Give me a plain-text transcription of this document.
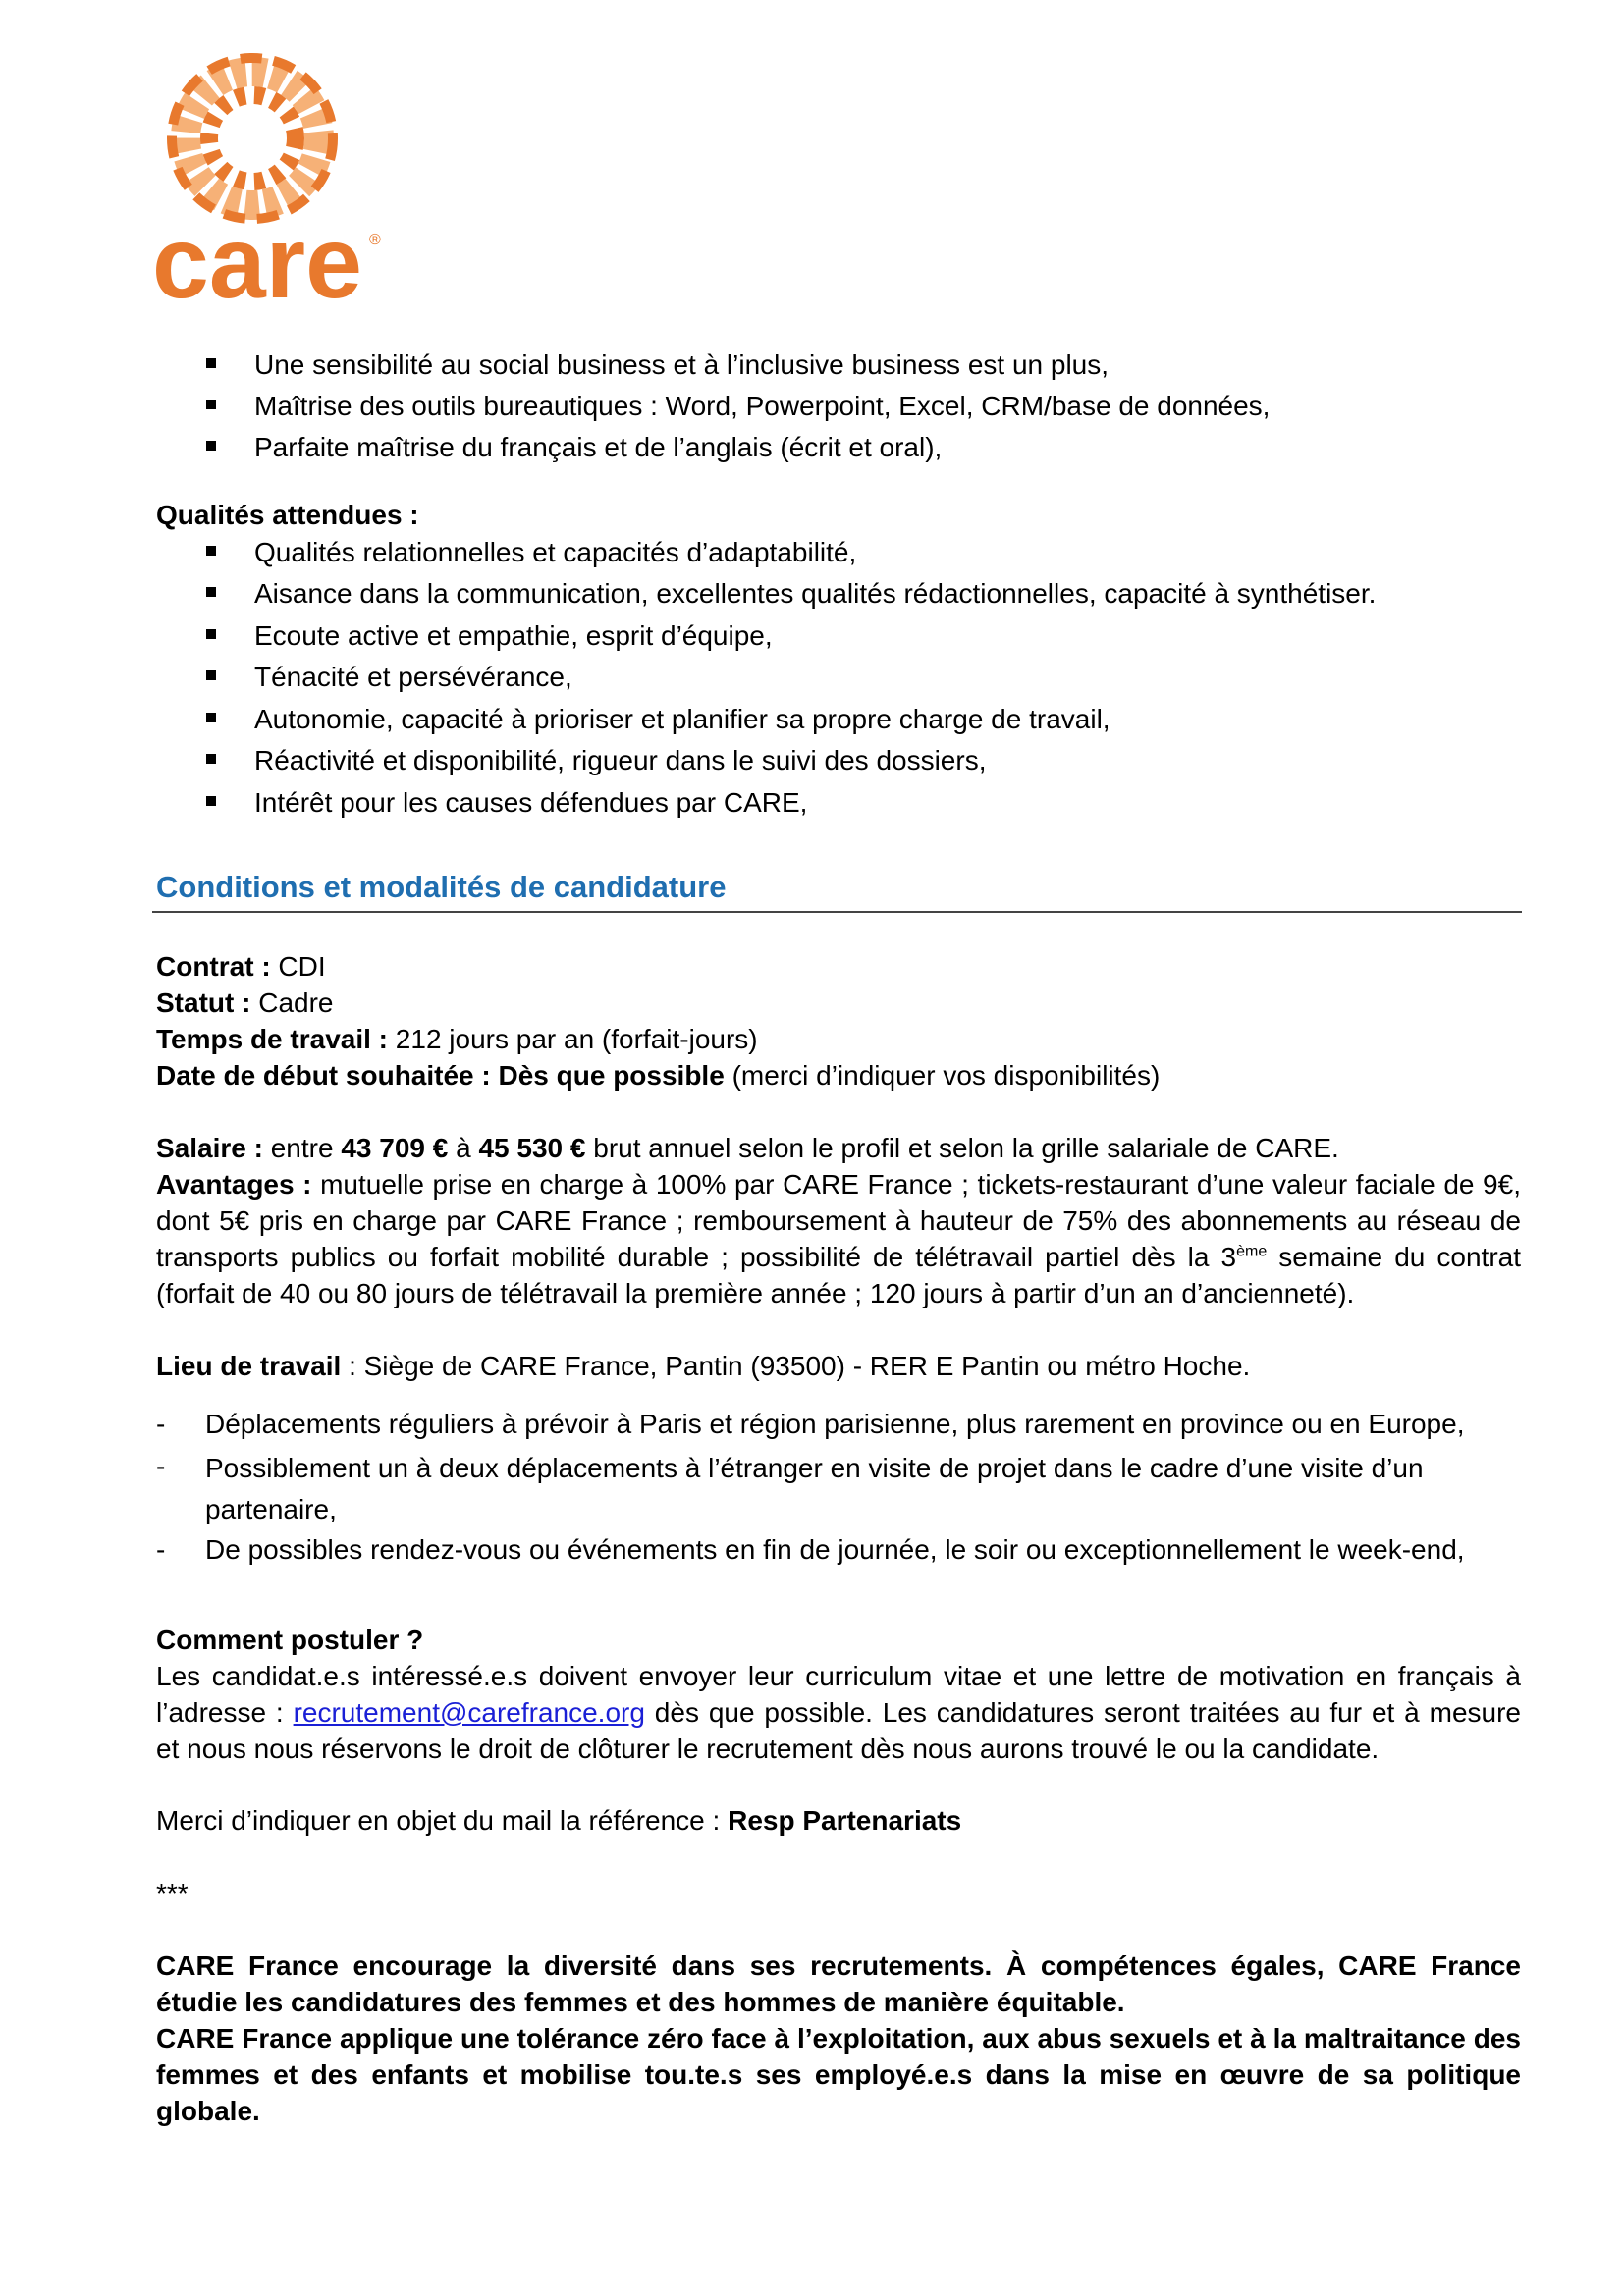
care ®
Une sensibilité au social business et à l’inclusive business est un plus,
Maîtrise des outils bureautiques : Word, Powerpoint, Excel, CRM/base de données,
Parfaite maîtrise du français et de l’anglais (écrit et oral),
Qualités attendues :
Qualités relationnelles et capacités d’adaptabilité,
Aisance dans la communication, excellentes qualités rédactionnelles, capacité à synthétiser.
Ecoute active et empathie, esprit d’équipe,
Ténacité et persévérance,
Autonomie, capacité à prioriser et planifier sa propre charge de travail,
Réactivité et disponibilité, rigueur dans le suivi des dossiers,
Intérêt pour les causes défendues par CARE,
Conditions et modalités de candidature
Contrat : CDI
Statut : Cadre
Temps de travail : 212 jours par an (forfait-jours)
Date de début souhaitée : Dès que possible (merci d’indiquer vos disponibilités)
Salaire : entre 43 709 € à 45 530 € brut annuel selon le profil et selon la grille salariale de CARE.
Avantages : mutuelle prise en charge à 100% par CARE France ; tickets-restaurant d’une valeur faciale de 9€, dont 5€ pris en charge par CARE France ; remboursement à hauteur de 75% des abonnements au réseau de transports publics ou forfait mobilité durable ; possibilité de télétravail partiel dès la 3ème semaine du contrat (forfait de 40 ou 80 jours de télétravail la première année ; 120 jours à partir d’un an d’ancienneté).
Lieu de travail : Siège de CARE France, Pantin (93500) - RER E Pantin ou métro Hoche.
- Déplacements réguliers à prévoir à Paris et région parisienne, plus rarement en province ou en Europe,
- Possiblement un à deux déplacements à l’étranger en visite de projet dans le cadre d’une visite d’un partenaire,
- De possibles rendez-vous ou événements en fin de journée, le soir ou exceptionnellement le week-end,
Comment postuler ?
Les candidat.e.s intéressé.e.s doivent envoyer leur curriculum vitae et une lettre de motivation en français à l’adresse : recrutement@carefrance.org dès que possible. Les candidatures seront traitées au fur et à mesure et nous nous réservons le droit de clôturer le recrutement dès nous aurons trouvé le ou la candidate.
Merci d’indiquer en objet du mail la référence : Resp Partenariats
***
CARE France encourage la diversité dans ses recrutements. À compétences égales, CARE France étudie les candidatures des femmes et des hommes de manière équitable.
CARE France applique une tolérance zéro face à l’exploitation, aux abus sexuels et à la maltraitance des femmes et des enfants et mobilise tou.te.s ses employé.e.s dans la mise en œuvre de sa politique globale.
